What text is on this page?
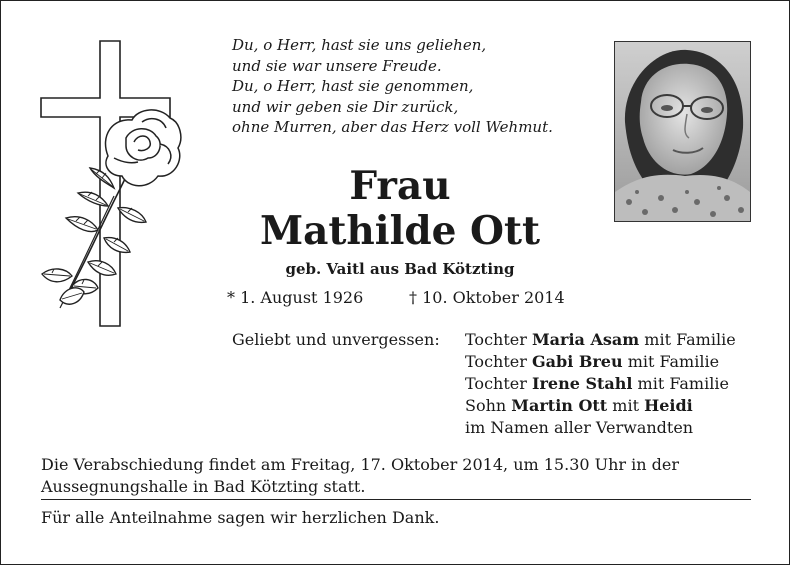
Du, o Herr, hast sie uns geliehen,
und sie war unsere Freude.
Du, o Herr, hast sie genommen,
und wir geben sie Dir zurück,
ohne Murren, aber das Herz voll Wehmut.
Frau
Mathilde Ott
geb. Vaitl aus Bad Kötzting
* 1. August 1926	† 10. Oktober 2014
Geliebt und unvergessen: Tochter Maria Asam mit Familie
Tochter Gabi Breu mit Familie
Tochter Irene Stahl mit Familie
Sohn Martin Ott mit Heidi
im Namen aller Verwandten
Die Verabschiedung findet am Freitag, 17. Oktober 2014, um 15.30 Uhr in der Aussegnungshalle in Bad Kötzting statt.
Für alle Anteilnahme sagen wir herzlichen Dank.
